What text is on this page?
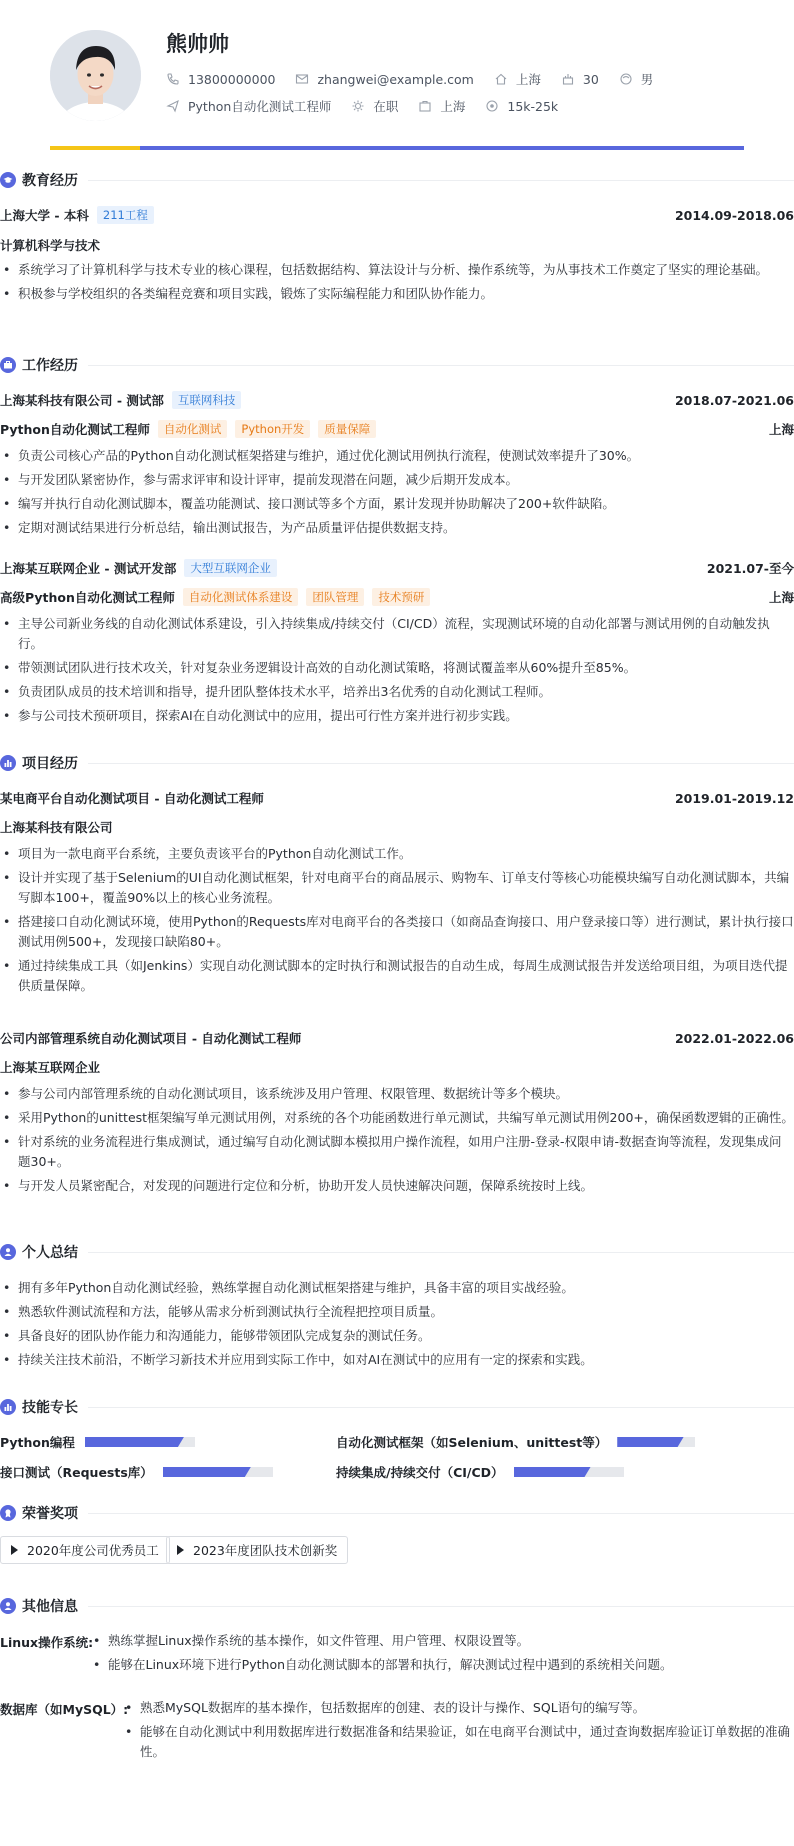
熊帅帅
13800000000	zhangwei@example.com	上海	30	男
Python自动化测试工程师	在职	上海	15k-25k
教育经历
上海大学 - 本科	211工程	2014.09-2018.06
计算机科学与技术
• 系统学习了计算机科学与技术专业的核心课程，包括数据结构、算法设计与分析、操作系统等，为从事技术工作奠定了坚实的理论基础。
• 积极参与学校组织的各类编程竞赛和项目实践，锻炼了实际编程能力和团队协作能力。
工作经历
上海某科技有限公司 - 测试部	互联网科技	2018.07-2021.06
Python自动化测试工程师	自动化测试	Python开发	质量保障	上海
• 负责公司核心产品的Python自动化测试框架搭建与维护，通过优化测试用例执行流程，使测试效率提升了30%。
• 与开发团队紧密协作，参与需求评审和设计评审，提前发现潜在问题，减少后期开发成本。
• 编写并执行自动化测试脚本，覆盖功能测试、接口测试等多个方面，累计发现并协助解决了200+软件缺陷。
• 定期对测试结果进行分析总结，输出测试报告，为产品质量评估提供数据支持。
上海某互联网企业 - 测试开发部	大型互联网企业	2021.07-至今
高级Python自动化测试工程师	自动化测试体系建设	团队管理	技术预研	上海
• 主导公司新业务线的自动化测试体系建设，引入持续集成/持续交付（CI/CD）流程，实现测试环境的自动化部署与测试用例的自动触发执行。
• 带领测试团队进行技术攻关，针对复杂业务逻辑设计高效的自动化测试策略，将测试覆盖率从60%提升至85%。
• 负责团队成员的技术培训和指导，提升团队整体技术水平，培养出3名优秀的自动化测试工程师。
• 参与公司技术预研项目，探索AI在自动化测试中的应用，提出可行性方案并进行初步实践。
项目经历
某电商平台自动化测试项目 - 自动化测试工程师	2019.01-2019.12
上海某科技有限公司
• 项目为一款电商平台系统，主要负责该平台的Python自动化测试工作。
• 设计并实现了基于Selenium的UI自动化测试框架，针对电商平台的商品展示、购物车、订单支付等核心功能模块编写自动化测试脚本，共编写脚本100+，覆盖90%以上的核心业务流程。
• 搭建接口自动化测试环境，使用Python的Requests库对电商平台的各类接口（如商品查询接口、用户登录接口等）进行测试，累计执行接口测试用例500+，发现接口缺陷80+。
• 通过持续集成工具（如Jenkins）实现自动化测试脚本的定时执行和测试报告的自动生成，每周生成测试报告并发送给项目组，为项目迭代提供质量保障。
公司内部管理系统自动化测试项目 - 自动化测试工程师	2022.01-2022.06
上海某互联网企业
• 参与公司内部管理系统的自动化测试项目，该系统涉及用户管理、权限管理、数据统计等多个模块。
• 采用Python的unittest框架编写单元测试用例，对系统的各个功能函数进行单元测试，共编写单元测试用例200+，确保函数逻辑的正确性。
• 针对系统的业务流程进行集成测试，通过编写自动化测试脚本模拟用户操作流程，如用户注册-登录-权限申请-数据查询等流程，发现集成问题30+。
• 与开发人员紧密配合，对发现的问题进行定位和分析，协助开发人员快速解决问题，保障系统按时上线。
个人总结
• 拥有多年Python自动化测试经验，熟练掌握自动化测试框架搭建与维护，具备丰富的项目实战经验。
• 熟悉软件测试流程和方法，能够从需求分析到测试执行全流程把控项目质量。
• 具备良好的团队协作能力和沟通能力，能够带领团队完成复杂的测试任务。
• 持续关注技术前沿，不断学习新技术并应用到实际工作中，如对AI在测试中的应用有一定的探索和实践。
技能专长
Python编程	自动化测试框架（如Selenium、unittest等）
接口测试（Requests库）	持续集成/持续交付（CI/CD）
荣誉奖项
2020年度公司优秀员工	2023年度团队技术创新奖
其他信息
Linux操作系统:	• 熟练掌握Linux操作系统的基本操作，如文件管理、用户管理、权限设置等。
• 能够在Linux环境下进行Python自动化测试脚本的部署和执行，解决测试过程中遇到的系统相关问题。
数据库（如MySQL）: • 熟悉MySQL数据库的基本操作，包括数据库的创建、表的设计与操作、SQL语句的编写等。
• 能够在自动化测试中利用数据库进行数据准备和结果验证，如在电商平台测试中，通过查询数据库验证订单数据的准确性。
